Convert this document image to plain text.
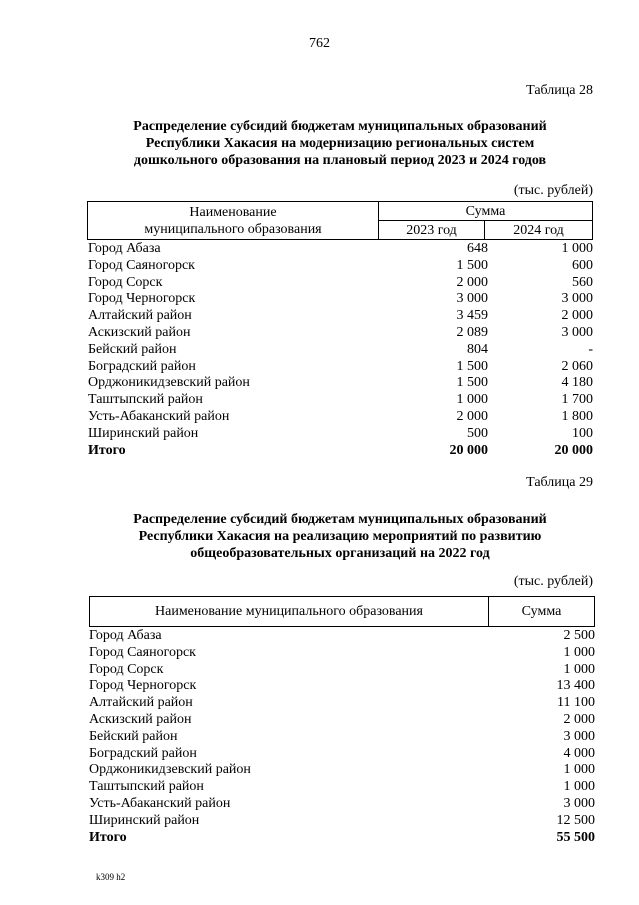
762
Таблица 28
Распределение субсидий бюджетам муниципальных образований
Республики Хакасия на модернизацию региональных систем
дошкольного образования на плановый период 2023 и 2024 годов
(тыс. рублей)
Наименование
муниципального образования	Сумма	
	2023 год	2024 год
Город Абаза	648	1 000
Город Саяногорск	1 500	600
Город Сорск	2 000	560
Город Черногорск	3 000	3 000
Алтайский район	3 459	2 000
Аскизский район	2 089	3 000
Бейский район	804	-
Боградский район	1 500	2 060
Орджоникидзевский район	1 500	4 180
Таштыпский район	1 000	1 700
Усть-Абаканский район	2 000	1 800
Ширинский район	500	100
Итого	20 000	20 000
Таблица 29
Распределение субсидий бюджетам муниципальных образований
Республики Хакасия на реализацию мероприятий по развитию
общеобразовательных организаций на 2022 год
(тыс. рублей)
Наименование муниципального образования	Сумма
Город Абаза	2 500
Город Саяногорск	1 000
Город Сорск	1 000
Город Черногорск	13 400
Алтайский район	11 100
Аскизский район	2 000
Бейский район	3 000
Боградский район	4 000
Орджоникидзевский район	1 000
Таштыпский район	1 000
Усть-Абаканский район	3 000
Ширинский район	12 500
Итого	55 500
k309 h2
